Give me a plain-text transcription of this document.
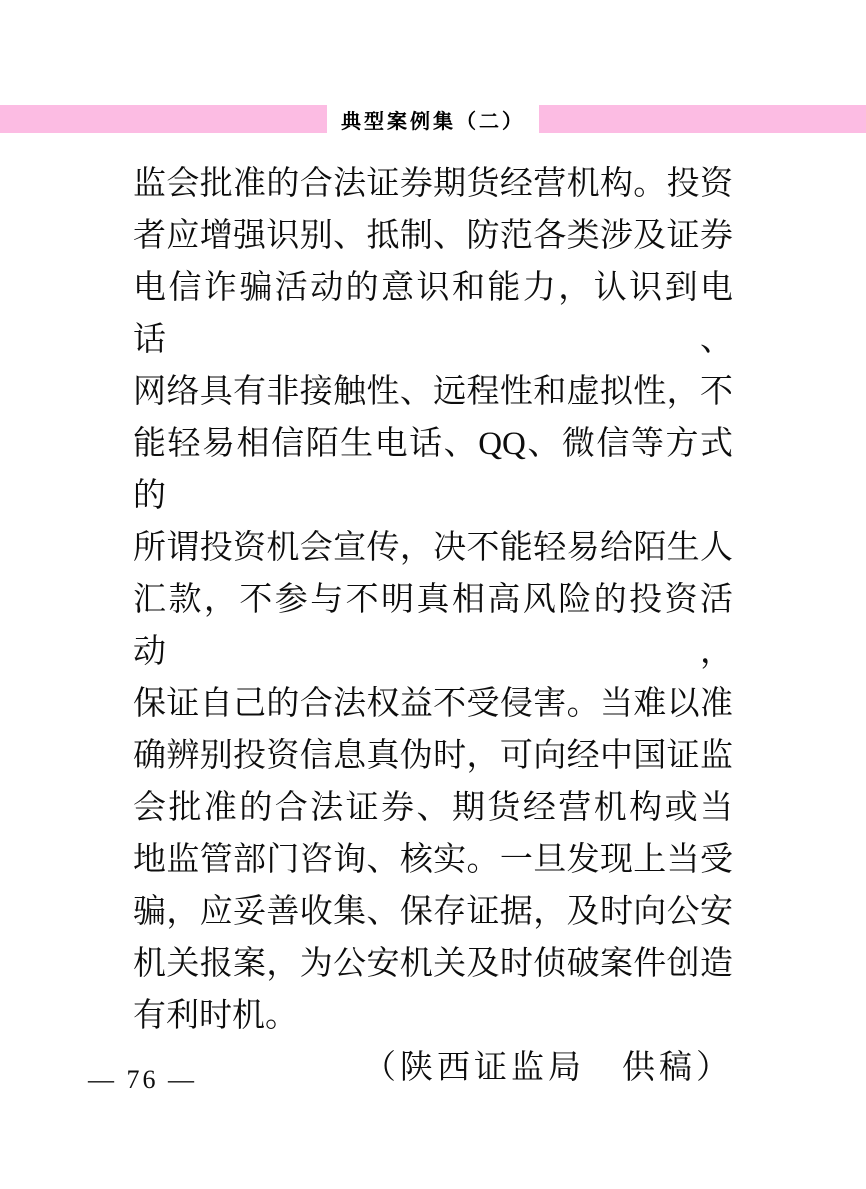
典型案例集（二）
监会批准的合法证券期货经营机构。投资
者应增强识别、抵制、防范各类涉及证券
电信诈骗活动的意识和能力，认识到电话、
网络具有非接触性、远程性和虚拟性，不
能轻易相信陌生电话、QQ、微信等方式的
所谓投资机会宣传，决不能轻易给陌生人
汇款，不参与不明真相高风险的投资活动，
保证自己的合法权益不受侵害。当难以准
确辨别投资信息真伪时，可向经中国证监
会批准的合法证券、期货经营机构或当
地监管部门咨询、核实。一旦发现上当受
骗，应妥善收集、保存证据，及时向公安
机关报案，为公安机关及时侦破案件创造
有利时机。
（陕西证监局　供稿）
— 76 —
